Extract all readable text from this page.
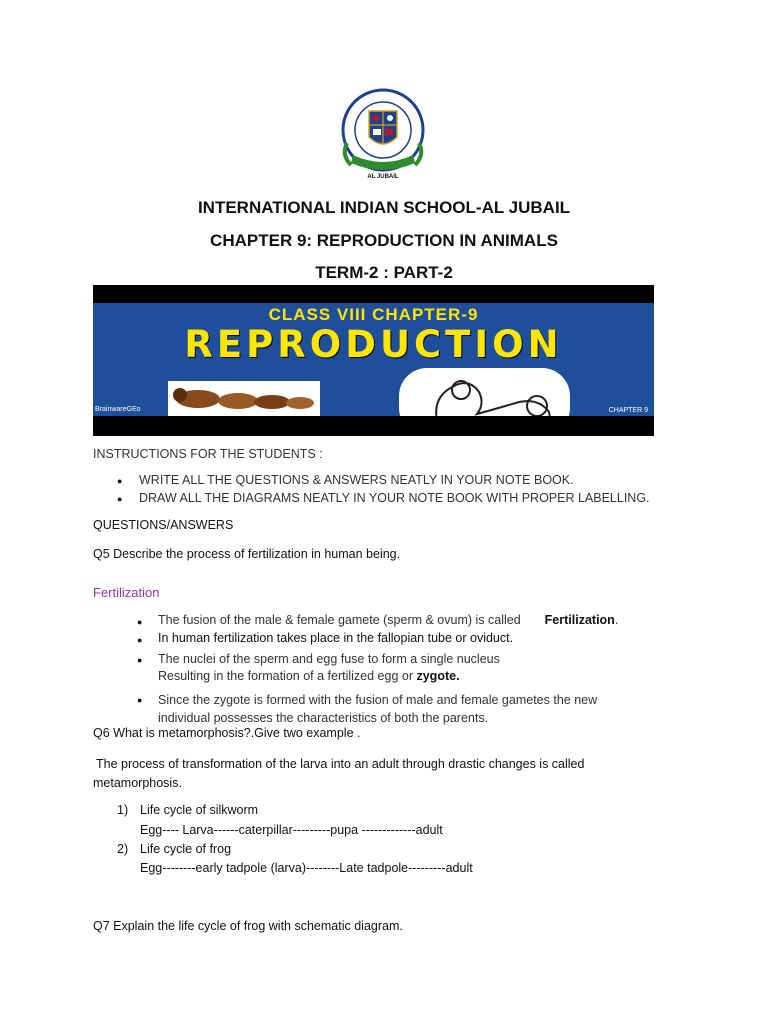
AL JUBAIL
INTERNATIONAL INDIAN SCHOOL-AL JUBAIL
CHAPTER 9: REPRODUCTION IN ANIMALS
TERM-2 : PART-2
CLASS VIII CHAPTER-9
REPRODUCTION
BrainwareGEo	CHAPTER 9
INSTRUCTIONS FOR THE STUDENTS :
● WRITE ALL THE QUESTIONS & ANSWERS NEATLY IN YOUR NOTE BOOK.
● DRAW ALL THE DIAGRAMS NEATLY IN YOUR NOTE BOOK WITH PROPER LABELLING.
QUESTIONS/ANSWERS
Q5 Describe the process of fertilization in human being.
Fertilization
● The fusion of the male & female gamete (sperm & ovum) is called Fertilization.
● In human fertilization takes place in the fallopian tube or oviduct.
● The nuclei of the sperm and egg fuse to form a single nucleus
Resulting in the formation of a fertilized egg or zygote.
● Since the zygote is formed with the fusion of male and female gametes the new
individual possesses the characteristics of both the parents.
Q6 What is metamorphosis?.Give two example .
The process of transformation of the larva into an adult through drastic changes is called
metamorphosis.
1) Life cycle of silkworm
Egg---- Larva------caterpillar---------pupa -------------adult
2) Life cycle of frog
Egg--------early tadpole (larva)--------Late tadpole---------adult
Q7 Explain the life cycle of frog with schematic diagram.
